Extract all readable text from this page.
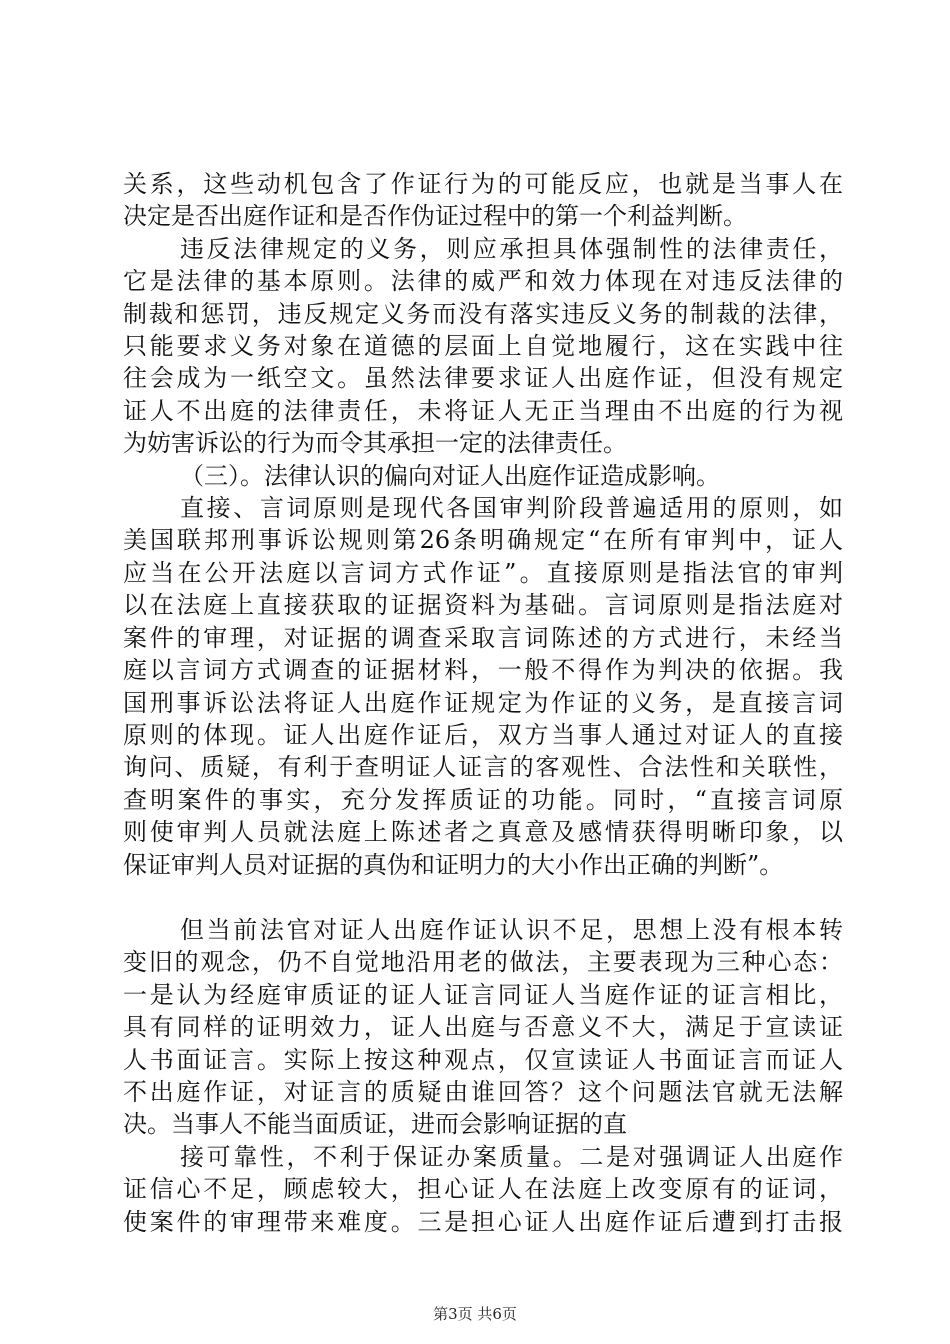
关系，这些动机包含了作证行为的可能反应，也就是当事人在
决定是否出庭作证和是否作伪证过程中的第一个利益判断。
违反法律规定的义务，则应承担具体强制性的法律责任，
它是法律的基本原则。法律的威严和效力体现在对违反法律的
制裁和惩罚，违反规定义务而没有落实违反义务的制裁的法律，
只能要求义务对象在道德的层面上自觉地履行，这在实践中往
往会成为一纸空文。虽然法律要求证人出庭作证，但没有规定
证人不出庭的法律责任，未将证人无正当理由不出庭的行为视
为妨害诉讼的行为而令其承担一定的法律责任。
（三）。法律认识的偏向对证人出庭作证造成影响。
直接、言词原则是现代各国审判阶段普遍适用的原则，如
美国联邦刑事诉讼规则第26条明确规定“在所有审判中，证人
应当在公开法庭以言词方式作证”。直接原则是指法官的审判
以在法庭上直接获取的证据资料为基础。言词原则是指法庭对
案件的审理，对证据的调查采取言词陈述的方式进行，未经当
庭以言词方式调查的证据材料，一般不得作为判决的依据。我
国刑事诉讼法将证人出庭作证规定为作证的义务，是直接言词
原则的体现。证人出庭作证后，双方当事人通过对证人的直接
询问、质疑，有利于查明证人证言的客观性、合法性和关联性，
查明案件的事实，充分发挥质证的功能。同时，“直接言词原
则使审判人员就法庭上陈述者之真意及感情获得明晰印象，以
保证审判人员对证据的真伪和证明力的大小作出正确的判断”。
但当前法官对证人出庭作证认识不足，思想上没有根本转
变旧的观念，仍不自觉地沿用老的做法，主要表现为三种心态：
一是认为经庭审质证的证人证言同证人当庭作证的证言相比，
具有同样的证明效力，证人出庭与否意义不大，满足于宣读证
人书面证言。实际上按这种观点，仅宣读证人书面证言而证人
不出庭作证，对证言的质疑由谁回答？这个问题法官就无法解
决。当事人不能当面质证，进而会影响证据的直
接可靠性，不利于保证办案质量。二是对强调证人出庭作
证信心不足，顾虑较大，担心证人在法庭上改变原有的证词，
使案件的审理带来难度。三是担心证人出庭作证后遭到打击报
第3页 共6页
